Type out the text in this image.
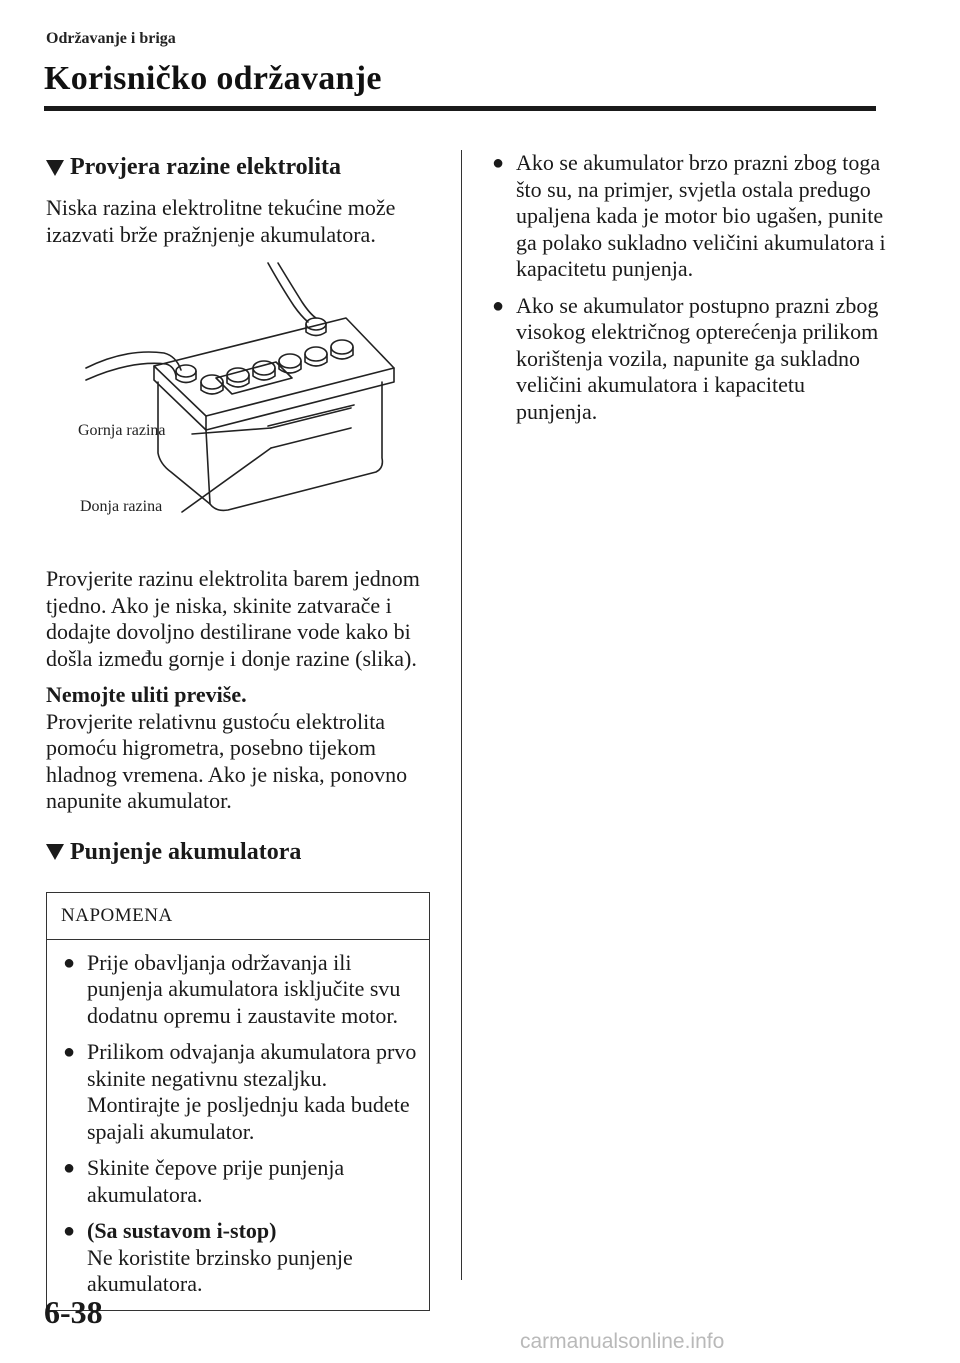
Održavanje i briga
Korisničko održavanje
Provjera razine elektrolita

Niska razina elektrolitne tekućine može izazvati brže pražnjenje akumulatora.

Gornja razina
Donja razina

Provjerite razinu elektrolita barem jednom tjedno. Ako je niska, skinite zatvarače i dodajte dovoljno destilirane vode kako bi došla između gornje i donje razine (slika).

Nemojte uliti previše.

Provjerite relativnu gustoću elektrolita pomoću higrometra, posebno tijekom hladnog vremena. Ako je niska, ponovno napunite akumulator.

Punjenje akumulatora
NAPOMENA
● Prije obavljanja održavanja ili punjenja akumulatora isključite svu dodatnu opremu i zaustavite motor.
● Prilikom odvajanja akumulatora prvo skinite negativnu stezaljku. Montirajte je posljednju kada budete spajali akumulator.
● Skinite čepove prije punjenja akumulatora.
● (Sa sustavom i-stop)
Ne koristite brzinsko punjenje akumulatora.
● Ako se akumulator brzo prazni zbog toga što su, na primjer, svjetla ostala predugo upaljena kada je motor bio ugašen, punite ga polako sukladno veličini akumulatora i kapacitetu punjenja.
● Ako se akumulator postupno prazni zbog visokog električnog opterećenja prilikom korištenja vozila, napunite ga sukladno veličini akumulatora i kapacitetu punjenja.
6-38
carmanualsonline.info
